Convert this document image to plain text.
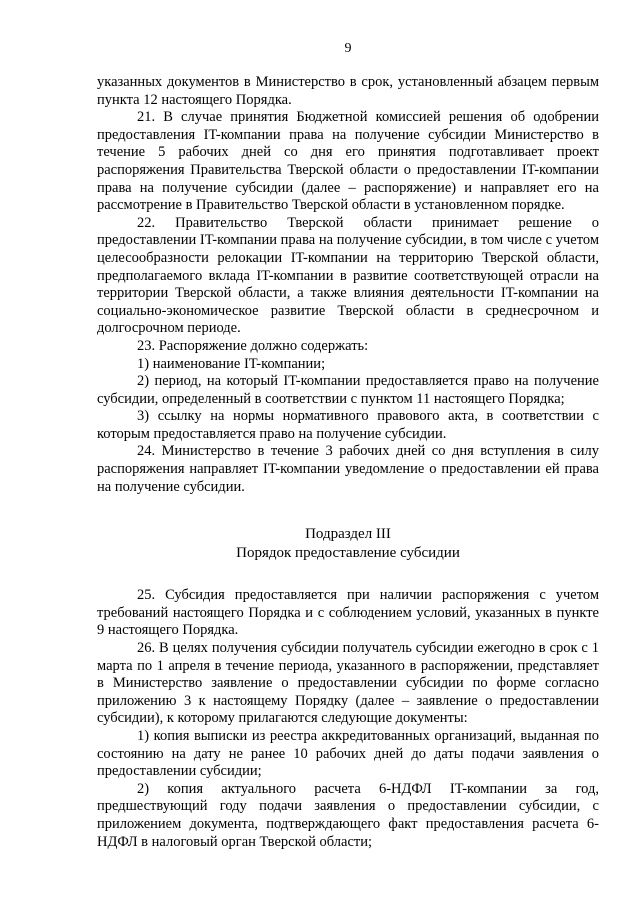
9

указанных документов в Министерство в срок, установленный абзацем первым пункта 12 настоящего Порядка.

21. В случае принятия Бюджетной комиссией решения об одобрении предоставления IT-компании права на получение субсидии Министерство в течение 5 рабочих дней со дня его принятия подготавливает проект распоряжения Правительства Тверской области о предоставлении IT-компании права на получение субсидии (далее – распоряжение) и направляет его на рассмотрение в Правительство Тверской области в установленном порядке.

22. Правительство Тверской области принимает решение о предоставлении IT-компании права на получение субсидии, в том числе с учетом целесообразности релокации IT-компании на территорию Тверской области, предполагаемого вклада IT-компании в развитие соответствующей отрасли на территории Тверской области, а также влияния деятельности IT-компании на социально-экономическое развитие Тверской области в среднесрочном и долгосрочном периоде.

23. Распоряжение должно содержать:

1) наименование IT-компании;

2) период, на который IT-компании предоставляется право на получение субсидии, определенный в соответствии с пунктом 11 настоящего Порядка;

3) ссылку на нормы нормативного правового акта, в соответствии с которым предоставляется право на получение субсидии.

24. Министерство в течение 3 рабочих дней со дня вступления в силу распоряжения направляет IT-компании уведомление о предоставлении ей права на получение субсидии.

Подраздел III
Порядок предоставление субсидии

25. Субсидия предоставляется при наличии распоряжения с учетом требований настоящего Порядка и с соблюдением условий, указанных в пункте 9 настоящего Порядка.

26. В целях получения субсидии получатель субсидии ежегодно в срок с 1 марта по 1 апреля в течение периода, указанного в распоряжении, представляет в Министерство заявление о предоставлении субсидии по форме согласно приложению 3 к настоящему Порядку (далее – заявление о предоставлении субсидии), к которому прилагаются следующие документы:

1) копия выписки из реестра аккредитованных организаций, выданная по состоянию на дату не ранее 10 рабочих дней до даты подачи заявления о предоставлении субсидии;

2) копия актуального расчета 6-НДФЛ IT-компании за год, предшествующий году подачи заявления о предоставлении субсидии, с приложением документа, подтверждающего факт предоставления расчета 6-НДФЛ в налоговый орган Тверской области;
